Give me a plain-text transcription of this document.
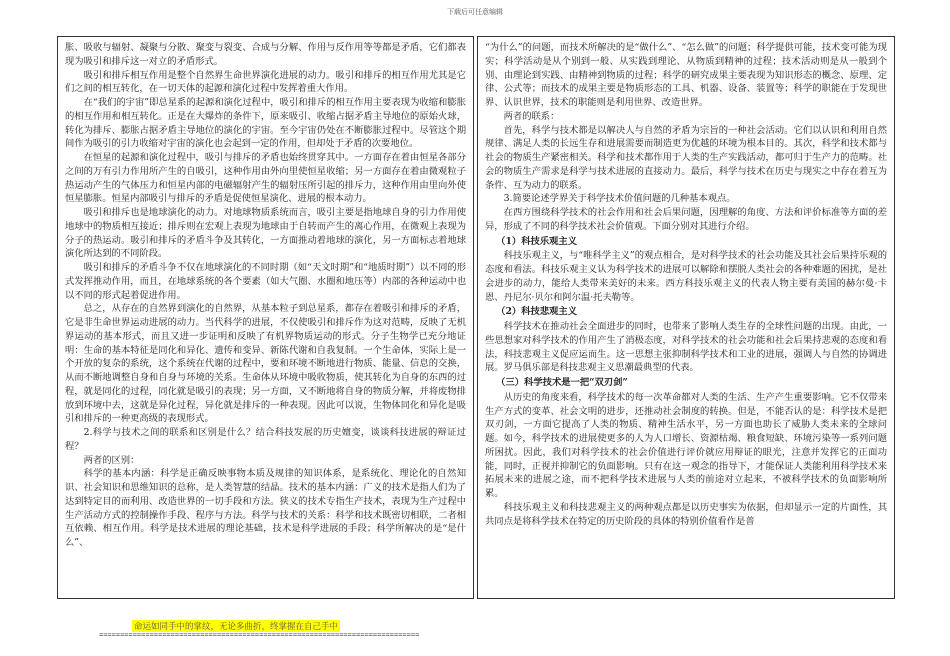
下载后可任意编辑

胀、吸收与辐射、凝聚与分散、聚变与裂变、合成与分解、作用与反作用等等都是矛盾，它们都表现为吸引和排斥这一对立的矛盾形式。

吸引和排斥相互作用是整个自然界生命世界演化进展的动力。吸引和排斥的相互作用尤其是它们之间的相互转化，在一切天体的起源和演化过程中发挥着重大作用。

在“我们的宇宙”即总星系的起源和演化过程中，吸引和排斥的相互作用主要表现为收缩和膨胀的相互作用和相互转化。正是在大爆炸的条件下，原来吸引、收缩占据矛盾主导地位的原始火球，转化为排斥、膨胀占据矛盾主导地位的演化的宇宙。至今宇宙仍处在不断膨胀过程中。尽管这个期间作为吸引的引力收缩对宇宙的演化也会起到一定的作用，但却处于矛盾的次要地位。

在恒星的起源和演化过程中，吸引与排斥的矛盾也始终贯穿其中。一方面存在着由恒星各部分之间的万有引力作用所产生的自吸引，这种作用由外向里使恒星收缩；另一方面存在着由微观粒子热运动产生的气体压力和恒星内部的电磁辐射产生的辐射压所引起的排斥力，这种作用由里向外使恒星膨胀。恒星内部吸引与排斥的矛盾是促使恒星演化、进展的根本动力。

吸引和排斥也是地球演化的动力。对地球物质系统而言，吸引主要是指地球自身的引力作用使地球中的物质相互接近；排斥则在宏观上表现为地球由于自转而产生的离心作用，在微观上表现为分子的热运动。吸引和排斥的矛盾斗争及其转化，一方面推动着地球的演化，另一方面标志着地球演化所达到的不同阶段。

吸引和排斥的矛盾斗争不仅在地球演化的不同时期（如“天文时期”和“地质时期”）以不同的形式发挥推动作用，而且，在地球系统的各个要素（如大气圈、水圈和地压等）内部的各种运动中也以不同的形式起着促进作用。

总之，从存在的自然界到演化的自然界，从基本粒子到总星系，都存在着吸引和排斥的矛盾，它是非生命世界运动进展的动力。当代科学的进展，不仅使吸引和排斥作为这对范畴，反映了无机界运动的基本形式，而且又进一步证明和反映了有机界物质运动的形式。分子生物学已充分地证明：生命的基本特征是同化和异化、遗传和变异、新陈代谢和自我复制。一个生命体，实际上是一个开放的复杂的系统，这个系统在代谢的过程中，要和环境不断地进行物质、能量、信息的交换，从而不断地调整自身和自身与环境的关系。生命体从环境中吸收物质，使其转化为自身的东西的过程，就是同化的过程，同化就是吸引的表现；另一方面，又不断地将自身的物质分解，并将废物排放到环境中去，这就是异化过程，异化就是排斥的一种表现。因此可以说，生物体同化和异化是吸引和排斥的一种更高级的表现形式。

2.科学与技术之间的联系和区别是什么？结合科技发展的历史嬗变，谈谈科技进展的辩证过程？

两者的区别：

科学的基本内涵：科学是正确反映事物本质及规律的知识体系，是系统化、理论化的自然知识、社会知识和思维知识的总称，是人类智慧的结晶。技术的基本内涵：广义的技术是指人们为了达到特定目的而利用、改造世界的一切手段和方法。狭义的技术专指生产技术，表现为生产过程中生产活动方式的控制操作手段、程序与方法。科学与技术的关系：科学和技术既密切相联，二者相互依赖、相互作用。科学是技术进展的理论基础，技术是科学进展的手段；科学所解决的是“是什么”、

“为什么”的问题，而技术所解决的是“做什么”、“怎么做”的问题；科学提供可能，技术变可能为现实；科学活动是从个别到一般、从实践到理论、从物质到精神的过程；技术活动则是从一般到个别、由理论到实践、由精神到物质的过程；科学的研究成果主要表现为知识形态的概念、原理、定律、公式等；而技术的成果主要是物质形态的工具、机器、设备、装置等；科学的职能在于发现世界、认识世界，技术的职能则是利用世界、改造世界。

两者的联系：

首先，科学与技术都是以解决人与自然的矛盾为宗旨的一种社会活动。它们以认识和利用自然规律、满足人类的长远生存和进展需要而制造更为优越的环境为根本目的。其次，科学和技术都与社会的物质生产紧密相关。科学和技术都作用于人类的生产实践活动，都可归于生产力的范畴。社会的物质生产需求是科学与技术进展的直接动力。最后，科学与技术在历史与现实之中存在着互为条件、互为动力的联系。

3.简要论述学界关于科学技术价值问题的几种基本观点。

在西方围绕科学技术的社会作用和社会后果问题，因理解的角度、方法和评价标准等方面的差异，形成了不同的科学技术社会价值观。下面分别对其进行介绍。

（1）科技乐观主义

科技乐观主义，与“唯科学主义”的观点相合，是对科学技术的社会功能及其社会后果持乐观的态度和看法。科技乐观主义认为科学技术的进展可以解除和摆脱人类社会的各种难题的困扰，是社会进步的动力，能给人类带来美好的未来。西方科技乐观主义的代表人物主要有美国的赫尔曼·卡恩、丹尼尔·贝尔和阿尔温·托夫勒等。

（2）科技悲观主义

科学技术在推动社会全面进步的同时，也带来了影响人类生存的全球性问题的出现。由此，一些思想家对科学技术的作用产生了消极态度，对科学技术的社会功能和社会后果持悲观的态度和看法，科技悲观主义促应运而生。这一思想主张抑制科学技术和工业的进展，强调人与自然的协调进展。罗马俱乐部是科技悲观主义思潮最典型的代表。

（三）科学技术是一把“双刃剑”

从历史的角度来看，科学技术的每一次革命都对人类的生活、生产产生重要影响。它不仅带来生产方式的变革、社会文明的进步，还推动社会制度的转换。但是，不能否认的是：科学技术是把双刃剑，一方面它提高了人类的物质、精神生活水平，另一方面也助长了威胁人类未来的全球问题。如今，科学技术的进展使更多的人为人口增长、资源枯竭、粮食短缺、环境污染等一系列问题所困扰。因此，我们对科学技术的社会价值进行评价就应用辩证的眼光，注意并发挥它的正面功能，同时，正视并抑制它的负面影响。只有在这一观念的指导下，才能保证人类能利用科学技术来拓展未来的进展之途，而不把科学技术进展与人类的前途对立起来，不被科学技术的负面影响所累。

科技乐观主义和科技悲观主义的两种观点都是以历史事实为依据，但却显示一定的片面性，其共同点是将科学技术在特定的历史阶段的具体的特别价值看作是普

命运如同手中的掌纹，无论多曲折，终掌握在自己手中
============================================================================
